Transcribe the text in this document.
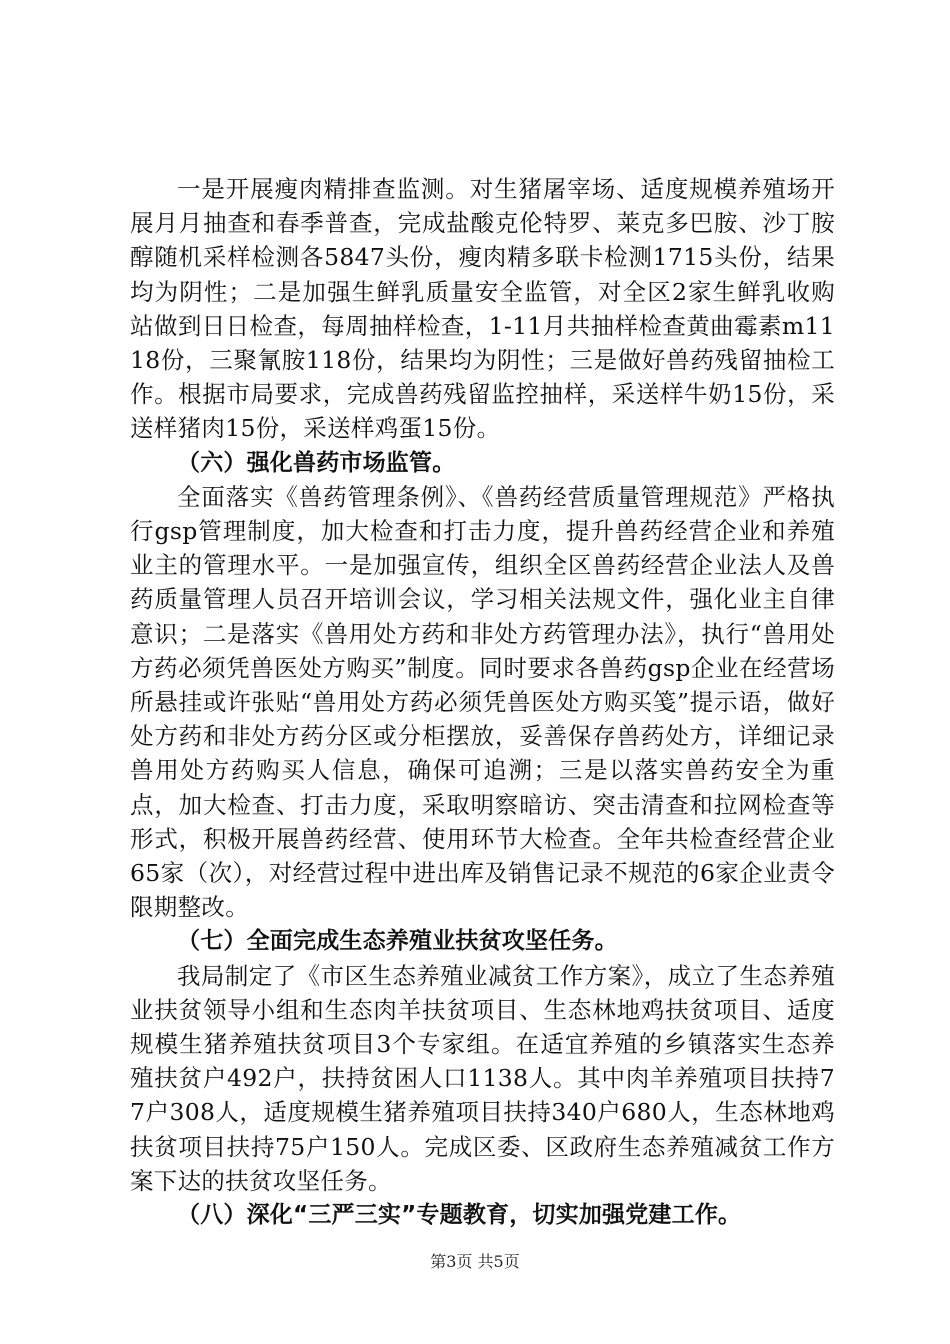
一是开展瘦肉精排查监测。对生猪屠宰场、适度规模养殖场开展月月抽查和春季普查，完成盐酸克伦特罗、莱克多巴胺、沙丁胺醇随机采样检测各5847头份，瘦肉精多联卡检测1715头份，结果均为阴性；二是加强生鲜乳质量安全监管，对全区2家生鲜乳收购站做到日日检查，每周抽样检查，1-11月共抽样检查黄曲霉素m1118份，三聚氰胺118份，结果均为阴性；三是做好兽药残留抽检工作。根据市局要求，完成兽药残留监控抽样，采送样牛奶15份，采送样猪肉15份，采送样鸡蛋15份。

（六）强化兽药市场监管。

全面落实《兽药管理条例》、《兽药经营质量管理规范》严格执行gsp管理制度，加大检查和打击力度，提升兽药经营企业和养殖业主的管理水平。一是加强宣传，组织全区兽药经营企业法人及兽药质量管理人员召开培训会议，学习相关法规文件，强化业主自律意识；二是落实《兽用处方药和非处方药管理办法》，执行“兽用处方药必须凭兽医处方购买”制度。同时要求各兽药gsp企业在经营场所悬挂或许张贴“兽用处方药必须凭兽医处方购买笺”提示语，做好处方药和非处方药分区或分柜摆放，妥善保存兽药处方，详细记录兽用处方药购买人信息，确保可追溯；三是以落实兽药安全为重点，加大检查、打击力度，采取明察暗访、突击清查和拉网检查等形式，积极开展兽药经营、使用环节大检查。全年共检查经营企业65家（次），对经营过程中进出库及销售记录不规范的6家企业责令限期整改。

（七）全面完成生态养殖业扶贫攻坚任务。

我局制定了《市区生态养殖业减贫工作方案》，成立了生态养殖业扶贫领导小组和生态肉羊扶贫项目、生态林地鸡扶贫项目、适度规模生猪养殖扶贫项目3个专家组。在适宜养殖的乡镇落实生态养殖扶贫户492户，扶持贫困人口1138人。其中肉羊养殖项目扶持77户308人，适度规模生猪养殖项目扶持340户680人，生态林地鸡扶贫项目扶持75户150人。完成区委、区政府生态养殖减贫工作方案下达的扶贫攻坚任务。

（八）深化“三严三实”专题教育，切实加强党建工作。

第3页 共5页
